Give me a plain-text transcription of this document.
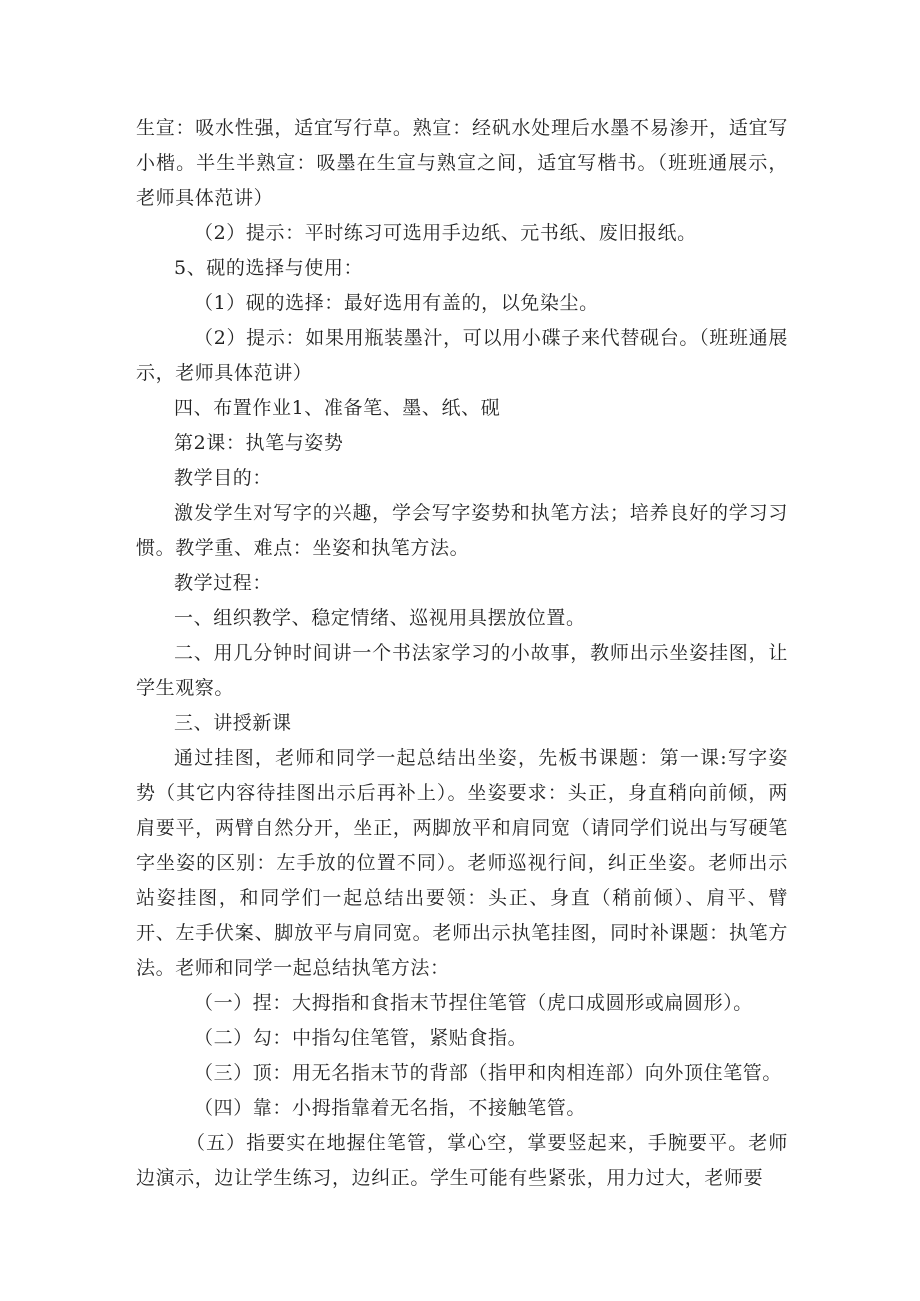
生宣：吸水性强，适宜写行草。熟宣：经矾水处理后水墨不易渗开，适宜写小楷。半生半熟宣：吸墨在生宣与熟宣之间，适宜写楷书。（班班通展示，老师具体范讲）

（2）提示：平时练习可选用手边纸、元书纸、废旧报纸。

5、砚的选择与使用：

（1）砚的选择：最好选用有盖的，以免染尘。

（2）提示：如果用瓶装墨汁，可以用小碟子来代替砚台。（班班通展示，老师具体范讲）

四、布置作业1、准备笔、墨、纸、砚

第2课：执笔与姿势

教学目的：

激发学生对写字的兴趣，学会写字姿势和执笔方法；培养良好的学习习惯。教学重、难点：坐姿和执笔方法。

教学过程：

一、组织教学、稳定情绪、巡视用具摆放位置。

二、用几分钟时间讲一个书法家学习的小故事，教师出示坐姿挂图，让学生观察。

三、讲授新课

通过挂图，老师和同学一起总结出坐姿，先板书课题：第一课:写字姿势（其它内容待挂图出示后再补上）。坐姿要求：头正，身直稍向前倾，两肩要平，两臂自然分开，坐正，两脚放平和肩同宽（请同学们说出与写硬笔字坐姿的区别：左手放的位置不同）。老师巡视行间，纠正坐姿。老师出示站姿挂图，和同学们一起总结出要领：头正、身直（稍前倾）、肩平、臂开、左手伏案、脚放平与肩同宽。老师出示执笔挂图，同时补课题：执笔方法。老师和同学一起总结执笔方法：

（一）捏：大拇指和食指末节捏住笔管（虎口成圆形或扁圆形）。

（二）勾：中指勾住笔管，紧贴食指。

（三）顶：用无名指末节的背部（指甲和肉相连部）向外顶住笔管。

（四）靠：小拇指靠着无名指，不接触笔管。

（五）指要实在地握住笔管，掌心空，掌要竖起来，手腕要平。老师边演示，边让学生练习，边纠正。学生可能有些紧张，用力过大，老师要
